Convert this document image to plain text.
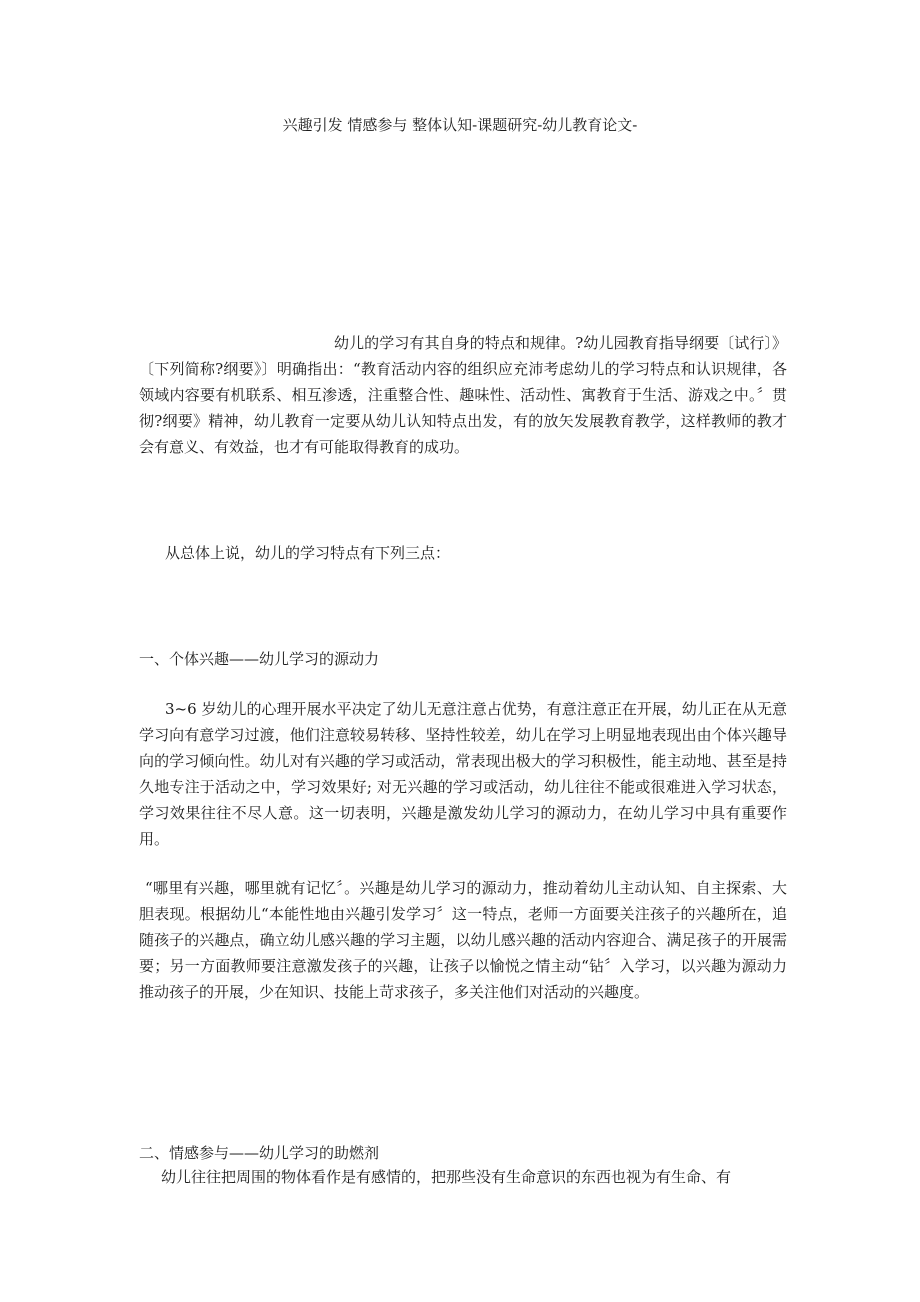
兴趣引发 情感参与 整体认知-课题研究-幼儿教育论文-

幼儿的学习有其自身的特点和规律。?幼儿园教育指导纲要〔试行〕》〔下列简称?纲要》〕明确指出：“教育活动内容的组织应充沛考虑幼儿的学习特点和认识规律，各领域内容要有机联系、相互渗透，注重整合性、趣味性、活动性、寓教育于生活、游戏之中。〞贯彻?纲要》精神，幼儿教育一定要从幼儿认知特点出发，有的放矢发展教育教学，这样教师的教才会有意义、有效益，也才有可能取得教育的成功。

从总体上说，幼儿的学习特点有下列三点：

一、个体兴趣——幼儿学习的源动力

3~6 岁幼儿的心理开展水平决定了幼儿无意注意占优势，有意注意正在开展，幼儿正在从无意学习向有意学习过渡，他们注意较易转移、坚持性较差，幼儿在学习上明显地表现出由个体兴趣导向的学习倾向性。幼儿对有兴趣的学习或活动，常表现出极大的学习积极性，能主动地、甚至是持久地专注于活动之中，学习效果好; 对无兴趣的学习或活动，幼儿往往不能或很难进入学习状态，学习效果往往不尽人意。这一切表明，兴趣是激发幼儿学习的源动力，在幼儿学习中具有重要作用。

“哪里有兴趣，哪里就有记忆〞。兴趣是幼儿学习的源动力，推动着幼儿主动认知、自主探索、大胆表现。根据幼儿“本能性地由兴趣引发学习〞这一特点，老师一方面要关注孩子的兴趣所在，追随孩子的兴趣点，确立幼儿感兴趣的学习主题，以幼儿感兴趣的活动内容迎合、满足孩子的开展需要；另一方面教师要注意激发孩子的兴趣，让孩子以愉悦之情主动“钻〞入学习，以兴趣为源动力推动孩子的开展，少在知识、技能上苛求孩子，多关注他们对活动的兴趣度。

二、情感参与——幼儿学习的助燃剂

幼儿往往把周围的物体看作是有感情的，把那些没有生命意识的东西也视为有生命、有
